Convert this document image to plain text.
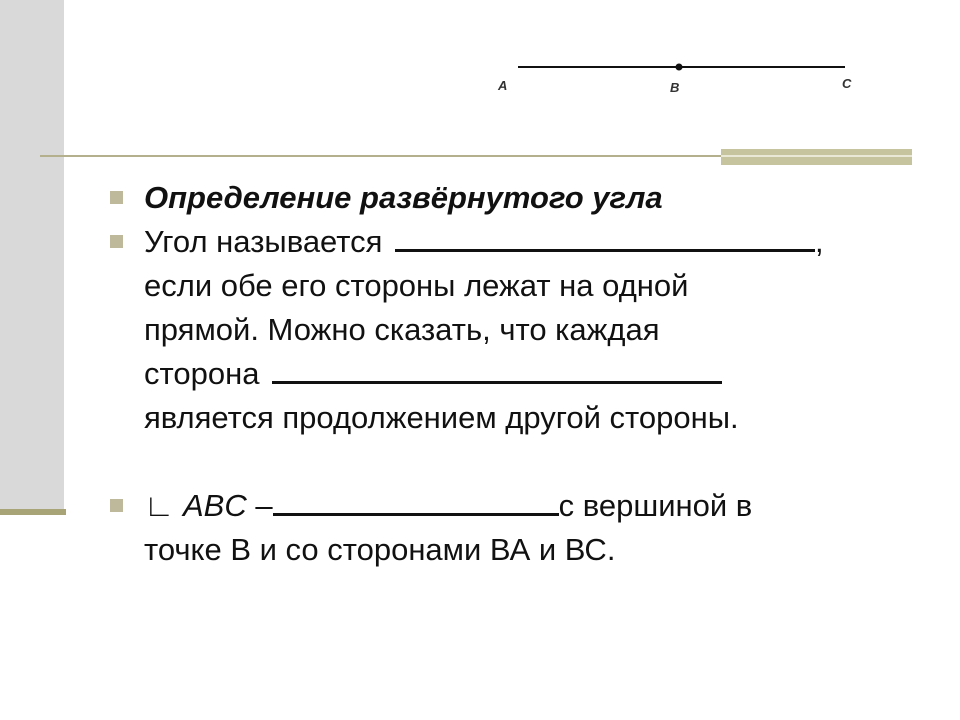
A	B	C
Определение развёрнутого угла
Угол называется	,
если обе его стороны лежат на одной
прямой. Можно сказать, что каждая
сторона
является продолжением другой стороны.
∟ ABC –	с вершиной в
точке В и со сторонами ВА и ВС.
